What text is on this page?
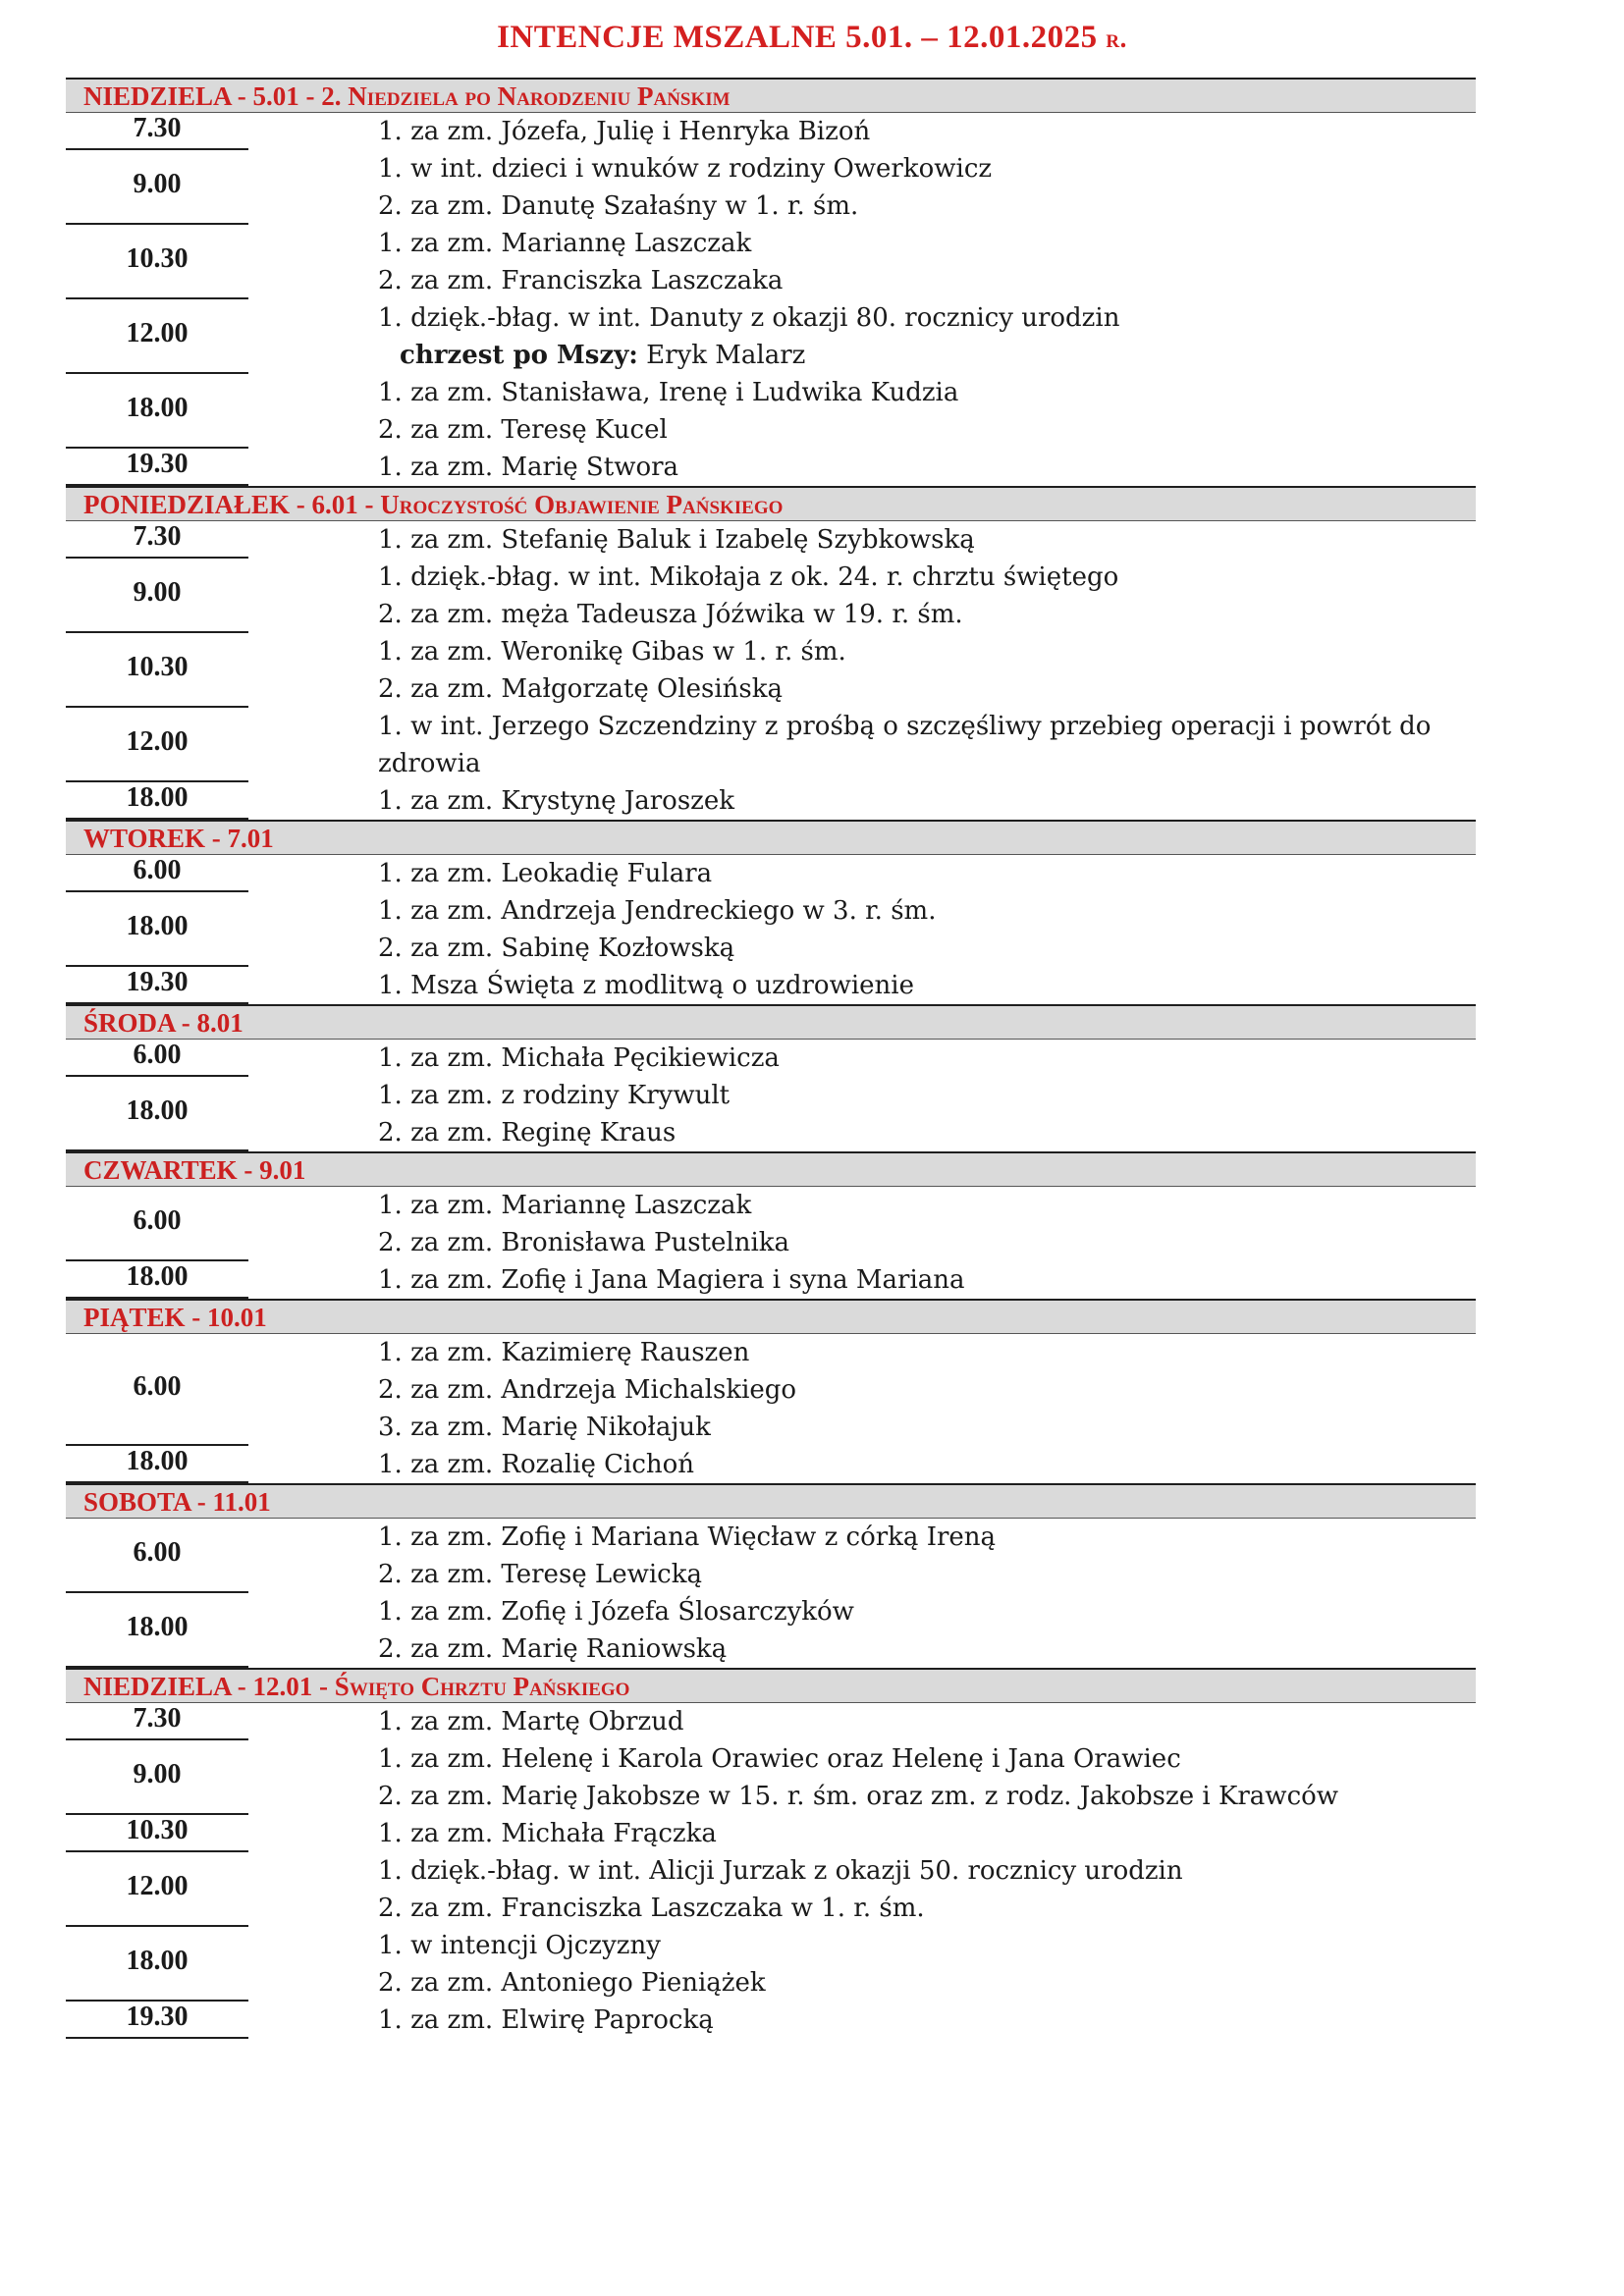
INTENCJE MSZALNE 5.01. – 12.01.2025 r.
NIEDZIELA - 5.01 - 2. Niedziela po Narodzeniu Pańskim
7.30	1. za zm. Józefa, Julię i Henryka Bizoń
9.00	1. w int. dzieci i wnuków z rodziny Owerkowicz
2. za zm. Danutę Szałaśny w 1. r. śm.
10.30	1. za zm. Mariannę Laszczak
2. za zm. Franciszka Laszczaka
12.00	1. dzięk.-błag. w int. Danuty z okazji 80. rocznicy urodzin
chrzest po Mszy: Eryk Malarz
18.00	1. za zm. Stanisława, Irenę i Ludwika Kudzia
2. za zm. Teresę Kucel
19.30	1. za zm. Marię Stwora
PONIEDZIAŁEK - 6.01 - Uroczystość Objawienie Pańskiego
7.30	1. za zm. Stefanię Baluk i Izabelę Szybkowską
9.00	1. dzięk.-błag. w int. Mikołaja z ok. 24. r. chrztu świętego
2. za zm. męża Tadeusza Jóźwika w 19. r. śm.
10.30	1. za zm. Weronikę Gibas w 1. r. śm.
2. za zm. Małgorzatę Olesińską
12.00	1. w int. Jerzego Szczendziny z prośbą o szczęśliwy przebieg operacji i powrót do
zdrowia
18.00	1. za zm. Krystynę Jaroszek
WTOREK - 7.01
6.00	1. za zm. Leokadię Fulara
18.00	1. za zm. Andrzeja Jendreckiego w 3. r. śm.
2. za zm. Sabinę Kozłowską
19.30	1. Msza Święta z modlitwą o uzdrowienie
ŚRODA - 8.01
6.00	1. za zm. Michała Pęcikiewicza
18.00	1. za zm. z rodziny Krywult
2. za zm. Reginę Kraus
CZWARTEK - 9.01
6.00	1. za zm. Mariannę Laszczak
2. za zm. Bronisława Pustelnika
18.00	1. za zm. Zofię i Jana Magiera i syna Mariana
PIĄTEK - 10.01
6.00
1. za zm. Kazimierę Rauszen
2. za zm. Andrzeja Michalskiego
3. za zm. Marię Nikołajuk
18.00	1. za zm. Rozalię Cichoń
SOBOTA - 11.01
6.00	1. za zm. Zofię i Mariana Więcław z córką Ireną
2. za zm. Teresę Lewicką
18.00	1. za zm. Zofię i Józefa Ślosarczyków
2. za zm. Marię Raniowską
NIEDZIELA - 12.01 - Święto Chrztu Pańskiego
7.30	1. za zm. Martę Obrzud
9.00	1. za zm. Helenę i Karola Orawiec oraz Helenę i Jana Orawiec
2. za zm. Marię Jakobsze w 15. r. śm. oraz zm. z rodz. Jakobsze i Krawców
10.30	1. za zm. Michała Frączka
12.00	1. dzięk.-błag. w int. Alicji Jurzak z okazji 50. rocznicy urodzin
2. za zm. Franciszka Laszczaka w 1. r. śm.
18.00	1. w intencji Ojczyzny
2. za zm. Antoniego Pieniążek
19.30	1. za zm. Elwirę Paprocką
